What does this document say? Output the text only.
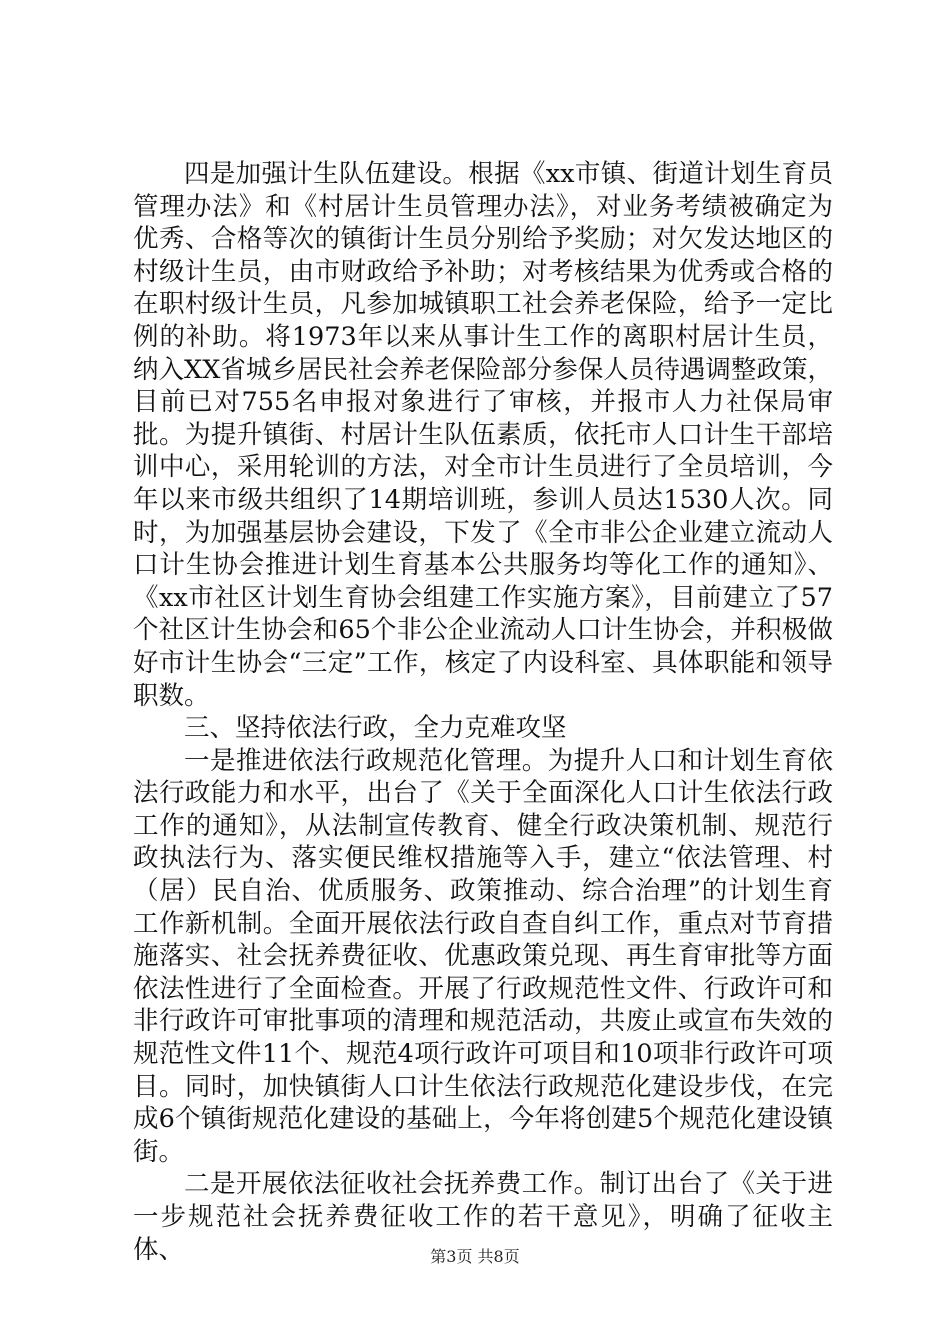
四是加强计生队伍建设。根据《xx市镇、街道计划生育员管理办法》和《村居计生员管理办法》，对业务考绩被确定为优秀、合格等次的镇街计生员分别给予奖励；对欠发达地区的村级计生员，由市财政给予补助；对考核结果为优秀或合格的在职村级计生员，凡参加城镇职工社会养老保险，给予一定比例的补助。将1973年以来从事计生工作的离职村居计生员，纳入XX省城乡居民社会养老保险部分参保人员待遇调整政策，目前已对755名申报对象进行了审核，并报市人力社保局审批。为提升镇街、村居计生队伍素质，依托市人口计生干部培训中心，采用轮训的方法，对全市计生员进行了全员培训，今年以来市级共组织了14期培训班，参训人员达1530人次。同时，为加强基层协会建设，下发了《全市非公企业建立流动人口计生协会推进计划生育基本公共服务均等化工作的通知》、《xx市社区计划生育协会组建工作实施方案》，目前建立了57个社区计生协会和65个非公企业流动人口计生协会，并积极做好市计生协会“三定”工作，核定了内设科室、具体职能和领导职数。

三、坚持依法行政，全力克难攻坚

一是推进依法行政规范化管理。为提升人口和计划生育依法行政能力和水平，出台了《关于全面深化人口计生依法行政工作的通知》，从法制宣传教育、健全行政决策机制、规范行政执法行为、落实便民维权措施等入手，建立“依法管理、村（居）民自治、优质服务、政策推动、综合治理”的计划生育工作新机制。全面开展依法行政自查自纠工作，重点对节育措施落实、社会抚养费征收、优惠政策兑现、再生育审批等方面依法性进行了全面检查。开展了行政规范性文件、行政许可和非行政许可审批事项的清理和规范活动，共废止或宣布失效的规范性文件11个、规范4项行政许可项目和10项非行政许可项目。同时，加快镇街人口计生依法行政规范化建设步伐，在完成6个镇街规范化建设的基础上，今年将创建5个规范化建设镇街。

二是开展依法征收社会抚养费工作。制订出台了《关于进一步规范社会抚养费征收工作的若干意见》，明确了征收主体、	第3页 共8页
